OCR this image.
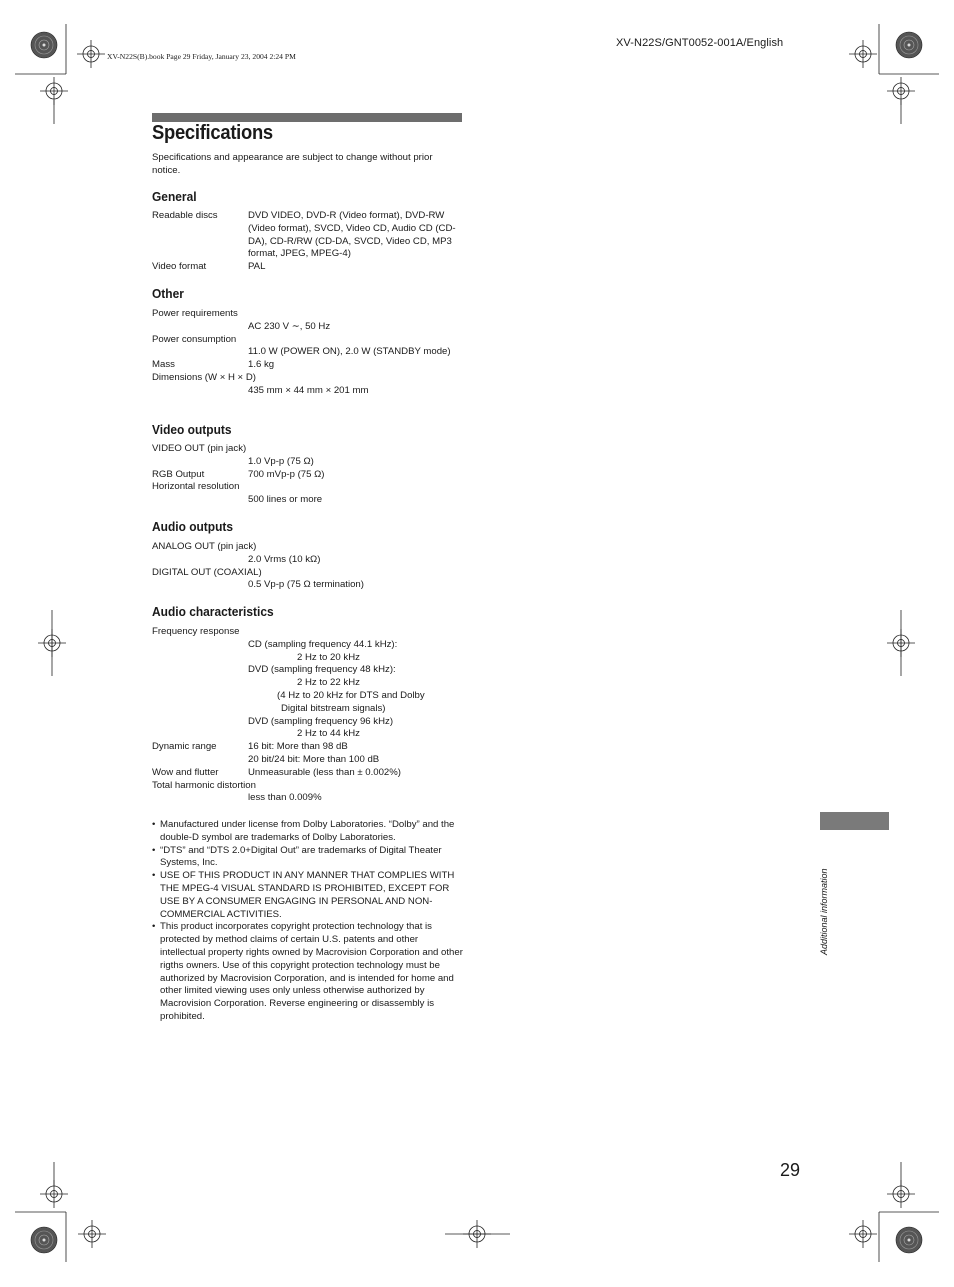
XV-N22S/GNT0052-001A/English
XV-N22S(B).book Page 29 Friday, January 23, 2004 2:24 PM
Specifications
Specifications and appearance are subject to change without prior notice.
General
Readable discs	DVD VIDEO, DVD-R (Video format), DVD-RW (Video format), SVCD, Video CD, Audio CD (CD-DA), CD-R/RW (CD-DA, SVCD, Video CD, MP3 format, JPEG, MPEG-4)
Video format	PAL
Other
Power requirements
AC 230 V ∼, 50 Hz
Power consumption
11.0 W (POWER ON), 2.0 W (STANDBY mode)
Mass	1.6 kg
Dimensions (W × H × D)
435 mm × 44 mm × 201 mm
Video outputs
VIDEO OUT (pin jack)
1.0 Vp-p (75 Ω)
RGB Output	700 mVp-p (75 Ω)
Horizontal resolution
500 lines or more
Audio outputs
ANALOG OUT (pin jack)
2.0 Vrms (10 kΩ)
DIGITAL OUT (COAXIAL)
0.5 Vp-p (75 Ω termination)
Audio characteristics
Frequency response
CD (sampling frequency 44.1 kHz):
2 Hz to 20 kHz
DVD (sampling frequency 48 kHz):
2 Hz to 22 kHz
(4 Hz to 20 kHz for DTS and Dolby
Digital bitstream signals)
DVD (sampling frequency 96 kHz)
2 Hz to 44 kHz
Dynamic range	16 bit: More than 98 dB
20 bit/24 bit: More than 100 dB
Wow and flutter	Unmeasurable (less than ± 0.002%)
Total harmonic distortion
less than 0.009%
• Manufactured under license from Dolby Laboratories. “Dolby” and the double-D symbol are trademarks of Dolby Laboratories.
• “DTS” and “DTS 2.0+Digital Out” are trademarks of Digital Theater Systems, Inc.
• USE OF THIS PRODUCT IN ANY MANNER THAT COMPLIES WITH THE MPEG-4 VISUAL STANDARD IS PROHIBITED, EXCEPT FOR USE BY A CONSUMER ENGAGING IN PERSONAL AND NON-COMMERCIAL ACTIVITIES.
• This product incorporates copyright protection technology that is protected by method claims of certain U.S. patents and other intellectual property rights owned by Macrovision Corporation and other rigths owners. Use of this copyright protection technology must be authorized by Macrovision Corporation, and is intended for home and other limited viewing uses only unless otherwise authorized by Macrovision Corporation. Reverse engineering or disassembly is prohibited.
Additional information
29
